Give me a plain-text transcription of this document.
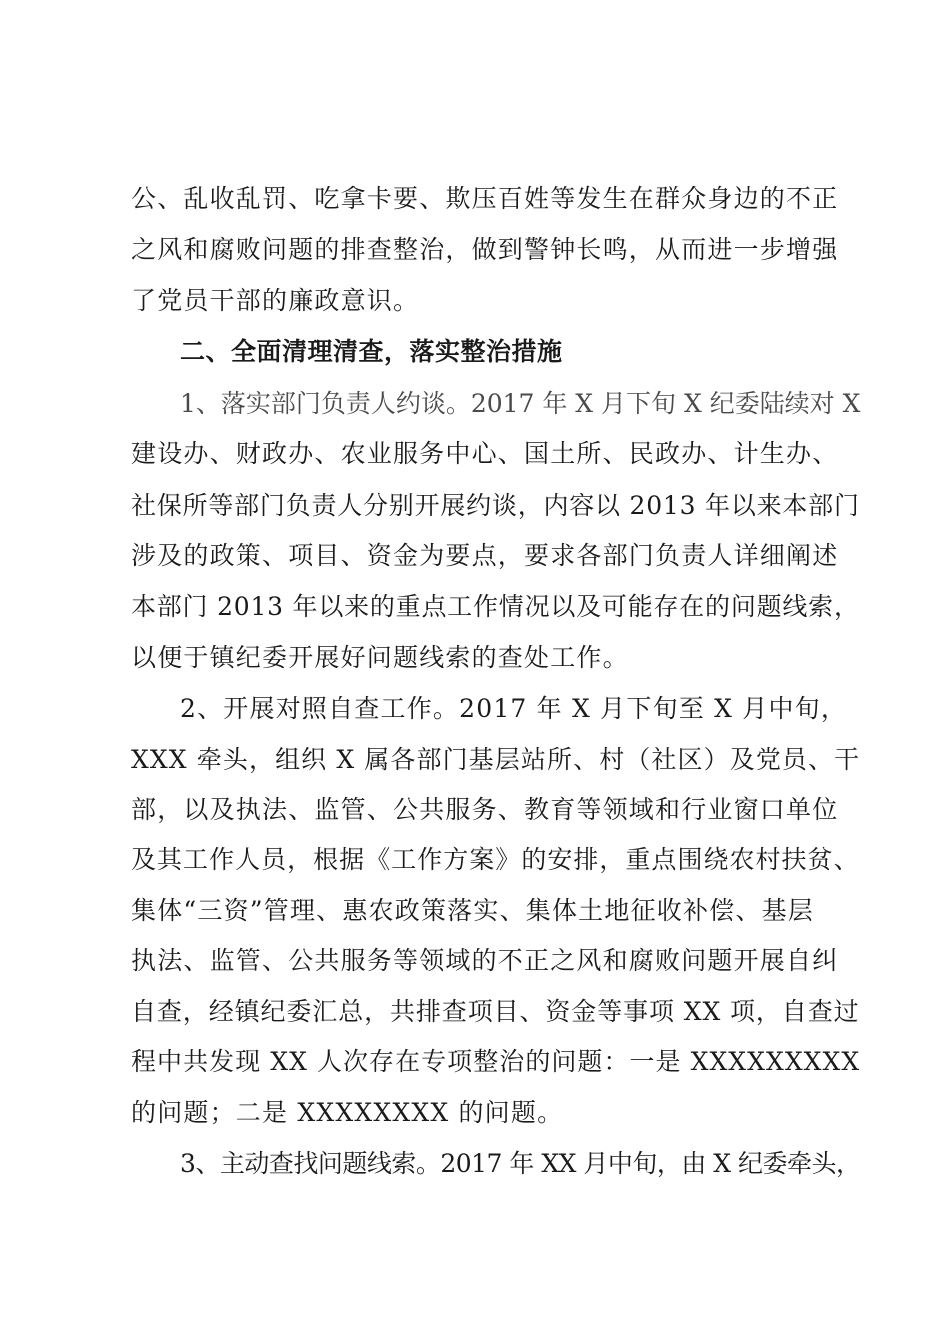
公、乱收乱罚、吃拿卡要、欺压百姓等发生在群众身边的不正
之风和腐败问题的排查整治，做到警钟长鸣，从而进一步增强
了党员干部的廉政意识。
二、全面清理清查，落实整治措施
1、落实部门负责人约谈。2017 年 X 月下旬 X 纪委陆续对 X
建设办、财政办、农业服务中心、国土所、民政办、计生办、
社保所等部门负责人分别开展约谈，内容以 2013 年以来本部门
涉及的政策、项目、资金为要点，要求各部门负责人详细阐述
本部门 2013 年以来的重点工作情况以及可能存在的问题线索，
以便于镇纪委开展好问题线索的查处工作。
2、开展对照自查工作。2017 年 X 月下旬至 X 月中旬，
XXX 牵头，组织 X 属各部门基层站所、村（社区）及党员、干
部，以及执法、监管、公共服务、教育等领域和行业窗口单位
及其工作人员，根据《工作方案》的安排，重点围绕农村扶贫、
集体“三资”管理、惠农政策落实、集体土地征收补偿、基层
执法、监管、公共服务等领域的不正之风和腐败问题开展自纠
自查，经镇纪委汇总，共排查项目、资金等事项 XX 项，自查过
程中共发现 XX 人次存在专项整治的问题：一是 XXXXXXXXX
的问题；二是 XXXXXXXX 的问题。
3、主动查找问题线索。2017 年 XX 月中旬，由 X 纪委牵头，
